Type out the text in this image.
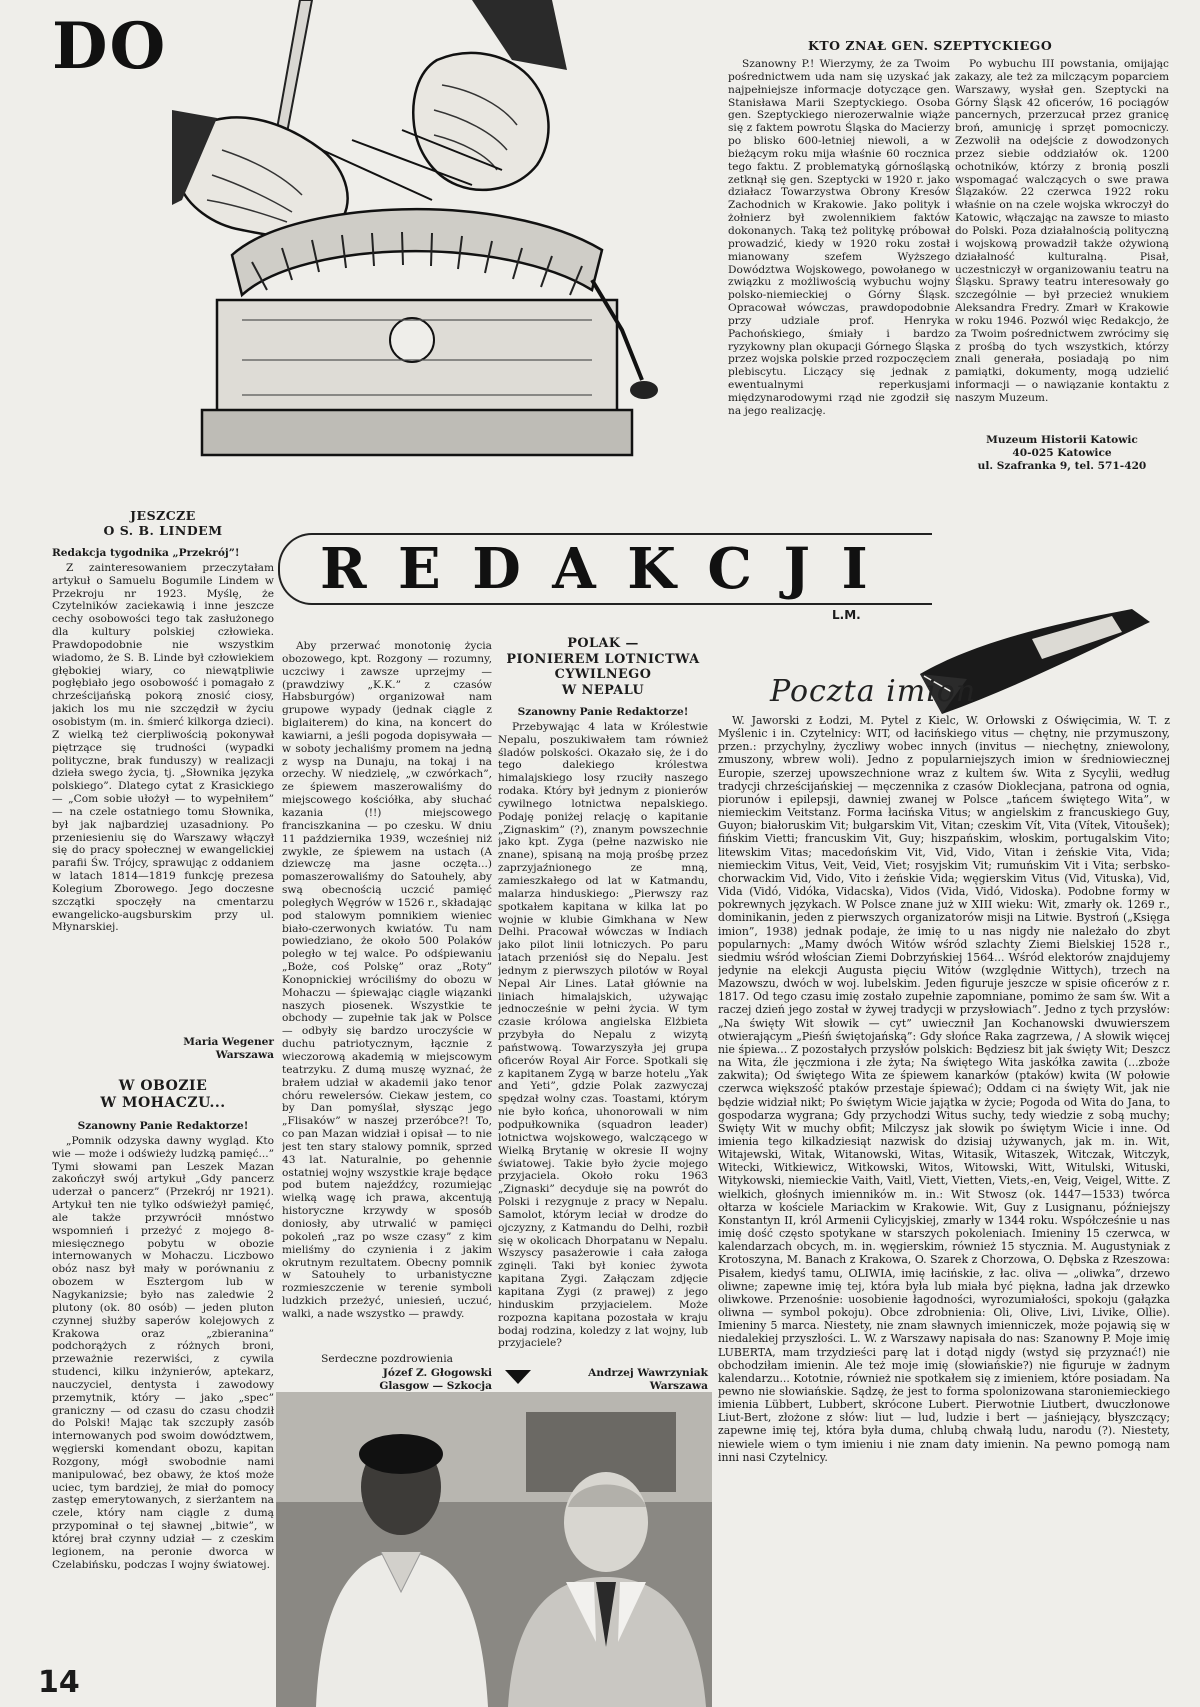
DO	KTO ZNAŁ GEN. SZEPTYCKIEGO

Szanowny P.! Wierzymy, że za Twoim pośrednictwem uda nam się uzyskać jak najpełniejsze informacje dotyczące gen. Stanisława Marii Szeptyckiego. Osoba gen. Szeptyckiego nierozerwalnie wiąże się z faktem powrotu Śląska do Macierzy po blisko 600-letniej niewoli, a w bieżącym roku mija właśnie 60 rocznica tego faktu. Z problematyką górnośląską zetknął się gen. Szeptycki w 1920 r. jako działacz Towarzystwa Obrony Kresów Zachodnich w Krakowie. Jako polityk i żołnierz był zwolennikiem faktów dokonanych. Taką też politykę próbował prowadzić, kiedy w 1920 roku został mianowany szefem Wyższego Dowództwa Wojskowego, powołanego w związku z możliwością wybuchu wojny polsko-niemieckiej o Górny Śląsk. Opracował wówczas, prawdopodobnie przy udziale prof. Henryka Pachońskiego, śmiały i bardzo ryzykowny plan okupacji Górnego Śląska przez wojska polskie przed rozpoczęciem plebiscytu. Liczący się jednak z ewentualnymi reperkusjami międzynarodowymi rząd nie zgodził się na jego realizację.

Po wybuchu III powstania, omijając zakazy, ale też za milczącym poparciem Warszawy, wysłał gen. Szeptycki na Górny Śląsk 42 oficerów, 16 pociągów pancernych, przerzucał przez granicę broń, amunicję i sprzęt pomocniczy. Zezwolił na odejście z dowodzonych przez siebie oddziałów ok. 1200 ochotników, którzy z bronią poszli wspomagać walczących o swe prawa Ślązaków. 22 czerwca 1922 roku właśnie on na czele wojska wkroczył do Katowic, włączając na zawsze to miasto do Polski. Poza działalnością polityczną i wojskową prowadził także ożywioną działalność kulturalną. Pisał, uczestniczył w organizowaniu teatru na Śląsku. Sprawy teatru interesowały go szczególnie — był przecież wnukiem Aleksandra Fredry. Zmarł w Krakowie w roku 1946. Pozwól więc Redakcjo, że za Twoim pośrednictwem zwrócimy się z prośbą do tych wszystkich, którzy znali generała, posiadają po nim pamiątki, dokumenty, mogą udzielić informacji — o nawiązanie kontaktu z naszym Muzeum.

Muzeum Historii Katowic
40-025 Katowice
ul. Szafranka 9, tel. 571-420
JESZCZE
O S. B. LINDEM
Redakcja tygodnika „Przekrój”!

Z zainteresowaniem przeczytałam artykuł o Samuelu Bogumile Lindem w Przekroju nr 1923. Myślę, że Czytelników zaciekawią i inne jeszcze cechy osobowości tego tak zasłużonego dla kultury polskiej człowieka. Prawdopodobnie nie wszystkim wiadomo, że S. B. Linde był człowiekiem głębokiej wiary, co niewątpliwie pogłębiało jego osobowość i pomagało z chrześcijańską pokorą znosić ciosy, jakich los mu nie szczędził w życiu osobistym (m. in. śmierć kilkorga dzieci). Z wielką też cierpliwością pokonywał piętrzące się trudności (wypadki polityczne, brak funduszy) w realizacji dzieła swego życia, tj. „Słownika języka polskiego”. Dlatego cytat z Krasickiego — „Com sobie ułożył — to wypełniłem” — na czele ostatniego tomu Słownika, był jak najbardziej uzasadniony. Po przeniesieniu się do Warszawy włączył się do pracy społecznej w ewangelickiej parafii Św. Trójcy, sprawując z oddaniem w latach 1814—1819 funkcję prezesa Kolegium Zborowego. Jego doczesne szczątki spoczęły na cmentarzu ewangelicko-augsburskim przy ul. Młynarskiej.

Maria Wegener
Warszawa
R E D A K C J I
W OBOZIE
W MOHACZU...
Szanowny Panie Redaktorze!

„Pomnik odzyska dawny wygląd. Kto wie — może i odświeży ludzką pamięć...” Tymi słowami pan Leszek Mazan zakończył swój artykuł „Gdy pancerz uderzał o pancerz” (Przekrój nr 1921). Artykuł ten nie tylko odświeżył pamięć, ale także przywrócił mnóstwo wspomnień i przeżyć z mojego 8-miesięcznego pobytu w obozie internowanych w Mohaczu. Liczbowo obóz nasz był mały w porównaniu z obozem w Esztergom lub w Nagykanizsie; było nas zaledwie 2 plutony (ok. 80 osób) — jeden pluton czynnej służby saperów kolejowych z Krakowa oraz „zbieranina” podchorążych z różnych broni, przeważnie rezerwiści, z cywila studenci, kilku inżynierów, aptekarz, nauczyciel, dentysta i zawodowy przemytnik, który — jako „spec” graniczny — od czasu do czasu chodził do Polski! Mając tak szczupły zasób internowanych pod swoim dowództwem, węgierski komendant obozu, kapitan Rozgony, mógł swobodnie nami manipulować, bez obawy, że ktoś może uciec, tym bardziej, że miał do pomocy zastęp emerytowanych, z sierżantem na czele, który nam ciągle z dumą przypominał o tej sławnej „bitwie”, w której brał czynny udział — z czeskim legionem, na peronie dworca w Czelabińsku, podczas I wojny światowej.

Aby przerwać monotonię życia obozowego, kpt. Rozgony — rozumny, uczciwy i zawsze uprzejmy — (prawdziwy „K.K.” z czasów Habsburgów) organizował nam grupowe wypady (jednak ciągle z biglaiterem) do kina, na koncert do kawiarni, a jeśli pogoda dopisywała — w soboty jechaliśmy promem na jedną z wysp na Dunaju, na tokaj i na orzechy. W niedzielę, „w czwórkach”, ze śpiewem maszerowaliśmy do miejscowego kościółka, aby słuchać kazania (!!) miejscowego franciszkanina — po czesku. W dniu 11 października 1939, wcześniej niż zwykle, ze śpiewem na ustach (A dziewczę ma jasne oczęta...) pomaszerowaliśmy do Satouhely, aby swą obecnością uczcić pamięć poległych Węgrów w 1526 r., składając pod stalowym pomnikiem wieniec biało-czerwonych kwiatów. Tu nam powiedziano, że około 500 Polaków poległo w tej walce. Po odśpiewaniu „Boże, coś Polskę” oraz „Roty” Konopnickiej wróciliśmy do obozu w Mohaczu — śpiewając ciągle wiązanki naszych piosenek. Wszystkie te obchody — zupełnie tak jak w Polsce — odbyły się bardzo uroczyście w duchu patriotycznym, łącznie z wieczorową akademią w miejscowym teatrzyku. Z dumą muszę wyznać, że brałem udział w akademii jako tenor chóru rewelersów. Ciekaw jestem, co by Dan pomyślał, słysząc jego „Flisaków” w naszej przeróbce?! To, co pan Mazan widział i opisał — to nie jest ten stary stalowy pomnik, sprzed 43 lat. Naturalnie, po gehennie ostatniej wojny wszystkie kraje będące pod butem najeźdźcy, rozumiejąc wielką wagę ich prawa, akcentują historyczne krzywdy w sposób doniosły, aby utrwalić w pamięci pokoleń „raz po wsze czasy” z kim mieliśmy do czynienia i z jakim okrutnym rezultatem. Obecny pomnik w Satouhely to urbanistyczne rozmieszczenie w terenie symboli ludzkich przeżyć, uniesień, uczuć, walki, a nade wszystko — prawdy.

Serdeczne pozdrowienia
Józef Z. Głogowski
Glasgow — Szkocja
POLAK —
PIONIEREM LOTNICTWA
CYWILNEGO
W NEPALU
Szanowny Panie Redaktorze!

Przebywając 4 lata w Królestwie Nepalu, poszukiwałem tam również śladów polskości. Okazało się, że i do tego dalekiego królestwa himalajskiego losy rzuciły naszego rodaka. Który był jednym z pionierów cywilnego lotnictwa nepalskiego. Podaję poniżej relację o kapitanie „Zignaskim” (?), znanym powszechnie jako kpt. Zyga (pełne nazwisko nie znane), spisaną na moją prośbę przez zaprzyjaźnionego ze mną, zamieszkałego od lat w Katmandu, malarza hinduskiego: „Pierwszy raz spotkałem kapitana w kilka lat po wojnie w klubie Gimkhana w New Delhi. Pracował wówczas w Indiach jako pilot linii lotniczych. Po paru latach przeniósł się do Nepalu. Jest jednym z pierwszych pilotów w Royal Nepal Air Lines. Latał głównie na liniach himalajskich, używając jednocześnie w pełni życia. W tym czasie królowa angielska Elżbieta przybyła do Nepalu z wizytą państwową. Towarzyszyła jej grupa oficerów Royal Air Force. Spotkali się z kapitanem Zygą w barze hotelu „Yak and Yeti”, gdzie Polak zazwyczaj spędzał wolny czas. Toastami, którym nie było końca, uhonorowali w nim podpułkownika (squadron leader) lotnictwa wojskowego, walczącego w Wielką Brytanię w okresie II wojny światowej. Takie było życie mojego przyjaciela. Około roku 1963 „Zignaski” decyduje się na powrót do Polski i rezygnuje z pracy w Nepalu. Samolot, którym leciał w drodze do ojczyzny, z Katmandu do Delhi, rozbił się w okolicach Dhorpatanu w Nepalu. Wszyscy pasażerowie i cała załoga zginęli. Taki był koniec żywota kapitana Zygi. Załączam zdjęcie kapitana Zygi (z prawej) z jego hinduskim przyjacielem. Może rozpozna kapitana pozostała w kraju bodaj rodzina, koledzy z lat wojny, lub przyjaciele?

Andrzej Wawrzyniak
Warszawa
L.M.
Poczta imion

W. Jaworski z Łodzi, M. Pytel z Kielc, W. Orłowski z Oświęcimia, W. T. z Myślenic i in. Czytelnicy: WIT, od łacińskiego vitus — chętny, nie przymuszony, przen.: przychylny, życzliwy wobec innych (invitus — niechętny, zniewolony, zmuszony, wbrew woli). Jedno z popularniejszych imion w średniowiecznej Europie, szerzej upowszechnione wraz z kultem św. Wita z Sycylii, według tradycji chrześcijańskiej — męczennika z czasów Dioklecjana, patrona od ognia, piorunów i epilepsji, dawniej zwanej w Polsce „tańcem świętego Wita”, w niemieckim Veitstanz. Forma łacińska Vitus; w angielskim z francuskiego Guy, Guyon; białoruskim Vit; bułgarskim Vit, Vitan; czeskim Vít, Vita (Vítek, Vitoušek); fińskim Vietti; francuskim Vit, Guy; hiszpańskim, włoskim, portugalskim Vito; litewskim Vitas; macedońskim Vit, Vid, Vido, Vitan i żeńskie Vita, Vida; niemieckim Vitus, Veit, Veid, Viet; rosyjskim Vit; rumuńskim Vit i Vita; serbsko-chorwackim Vid, Vido, Vito i żeńskie Vida; węgierskim Vitus (Vid, Vituska), Vid, Vida (Vidó, Vidóka, Vidacska), Vidos (Vida, Vidó, Vidoska). Podobne formy w pokrewnych językach. W Polsce znane już w XIII wieku: Wit, zmarły ok. 1269 r., dominikanin, jeden z pierwszych organizatorów misji na Litwie. Bystroń („Księga imion”, 1938) jednak podaje, że imię to u nas nigdy nie należało do zbyt popularnych: „Mamy dwóch Witów wśród szlachty Ziemi Bielskiej 1528 r., siedmiu wśród włościan Ziemi Dobrzyńskiej 1564... Wśród elektorów znajdujemy jedynie na elekcji Augusta pięciu Witów (względnie Wittych), trzech na Mazowszu, dwóch w woj. lubelskim. Jeden figuruje jeszcze w spisie oficerów z r. 1817. Od tego czasu imię zostało zupełnie zapomniane, pomimo że sam św. Wit a raczej dzień jego został w żywej tradycji w przysłowiach”. Jedno z tych przysłów: „Na święty Wit słowik — cyt” uwiecznił Jan Kochanowski dwuwierszem otwierającym „Pieśń świętojańską”: Gdy słońce Raka zagrzewa, / A słowik więcej nie śpiewa... Z pozostałych przysłów polskich: Będziesz bit jak święty Wit; Deszcz na Wita, źle jęczmiona i złe żyta; Na świętego Wita jaskółka zawita (...zboże zakwita); Od świętego Wita ze śpiewem kanarków (ptaków) kwita (W połowie czerwca większość ptaków przestaje śpiewać); Oddam ci na święty Wit, jak nie będzie widział nikt; Po świętym Wicie jajątka w życie; Pogoda od Wita do Jana, to gospodarza wygrana; Gdy przychodzi Witus suchy, tedy wiedzie z sobą muchy; Święty Wit w muchy obfit; Milczysz jak słowik po świętym Wicie i inne. Od imienia tego kilkadziesiąt nazwisk do dzisiaj używanych, jak m. in. Wit, Witajewski, Witak, Witanowski, Witas, Witasik, Witaszek, Witczak, Witczyk, Witecki, Witkiewicz, Witkowski, Witos, Witowski, Witt, Witulski, Wituski, Witykowski, niemieckie Vaith, Vaitl, Viett, Vietten, Viets,-en, Veig, Veigel, Witte. Z wielkich, głośnych imienników m. in.: Wit Stwosz (ok. 1447—1533) twórca ołtarza w kościele Mariackim w Krakowie. Wit, Guy z Lusignanu, późniejszy Konstantyn II, król Armenii Cylicyjskiej, zmarły w 1344 roku. Współcześnie u nas imię dość często spotykane w starszych pokoleniach. Imieniny 15 czerwca, w kalendarzach obcych, m. in. węgierskim, również 15 stycznia. M. Augustyniak z Krotoszyna, M. Banach z Krakowa, O. Szarek z Chorzowa, O. Dębska z Rzeszowa: Pisałem, kiedyś tamu, OLIWIA, imię łacińskie, z łac. oliva — „oliwka”, drzewo oliwne; zapewne imię tej, która była lub miała być piękna, ładna jak drzewko oliwkowe. Przenośnie: uosobienie łagodności, wyrozumiałości, spokoju (gałązka oliwna — symbol pokoju). Obce zdrobnienia: Oli, Olive, Livi, Livike, Ollie). Imieniny 5 marca. Niestety, nie znam sławnych imienniczek, może pojawią się w niedalekiej przyszłości. L. W. z Warszawy napisała do nas: Szanowny P. Moje imię LUBERTA, mam trzydzieści parę lat i dotąd nigdy (wstyd się przyznać!) nie obchodziłam imienin. Ale też moje imię (słowiańskie?) nie figuruje w żadnym kalendarzu... Kototnie, również nie spotkałem się z imieniem, które posiadam. Na pewno nie słowiańskie. Sądzę, że jest to forma spolonizowana staroniemieckiego imienia Lübbert, Lubbert, skrócone Lubert. Pierwotnie Liutbert, dwuczłonowe Liut-Bert, złożone z słów: liut — lud, ludzie i bert — jaśniejący, błyszczący; zapewne imię tej, która była duma, chlubą chwałą ludu, narodu (?). Niestety, niewiele wiem o tym imieniu i nie znam daty imienin. Na pewno pomogą nam inni nasi Czytelnicy.

14
